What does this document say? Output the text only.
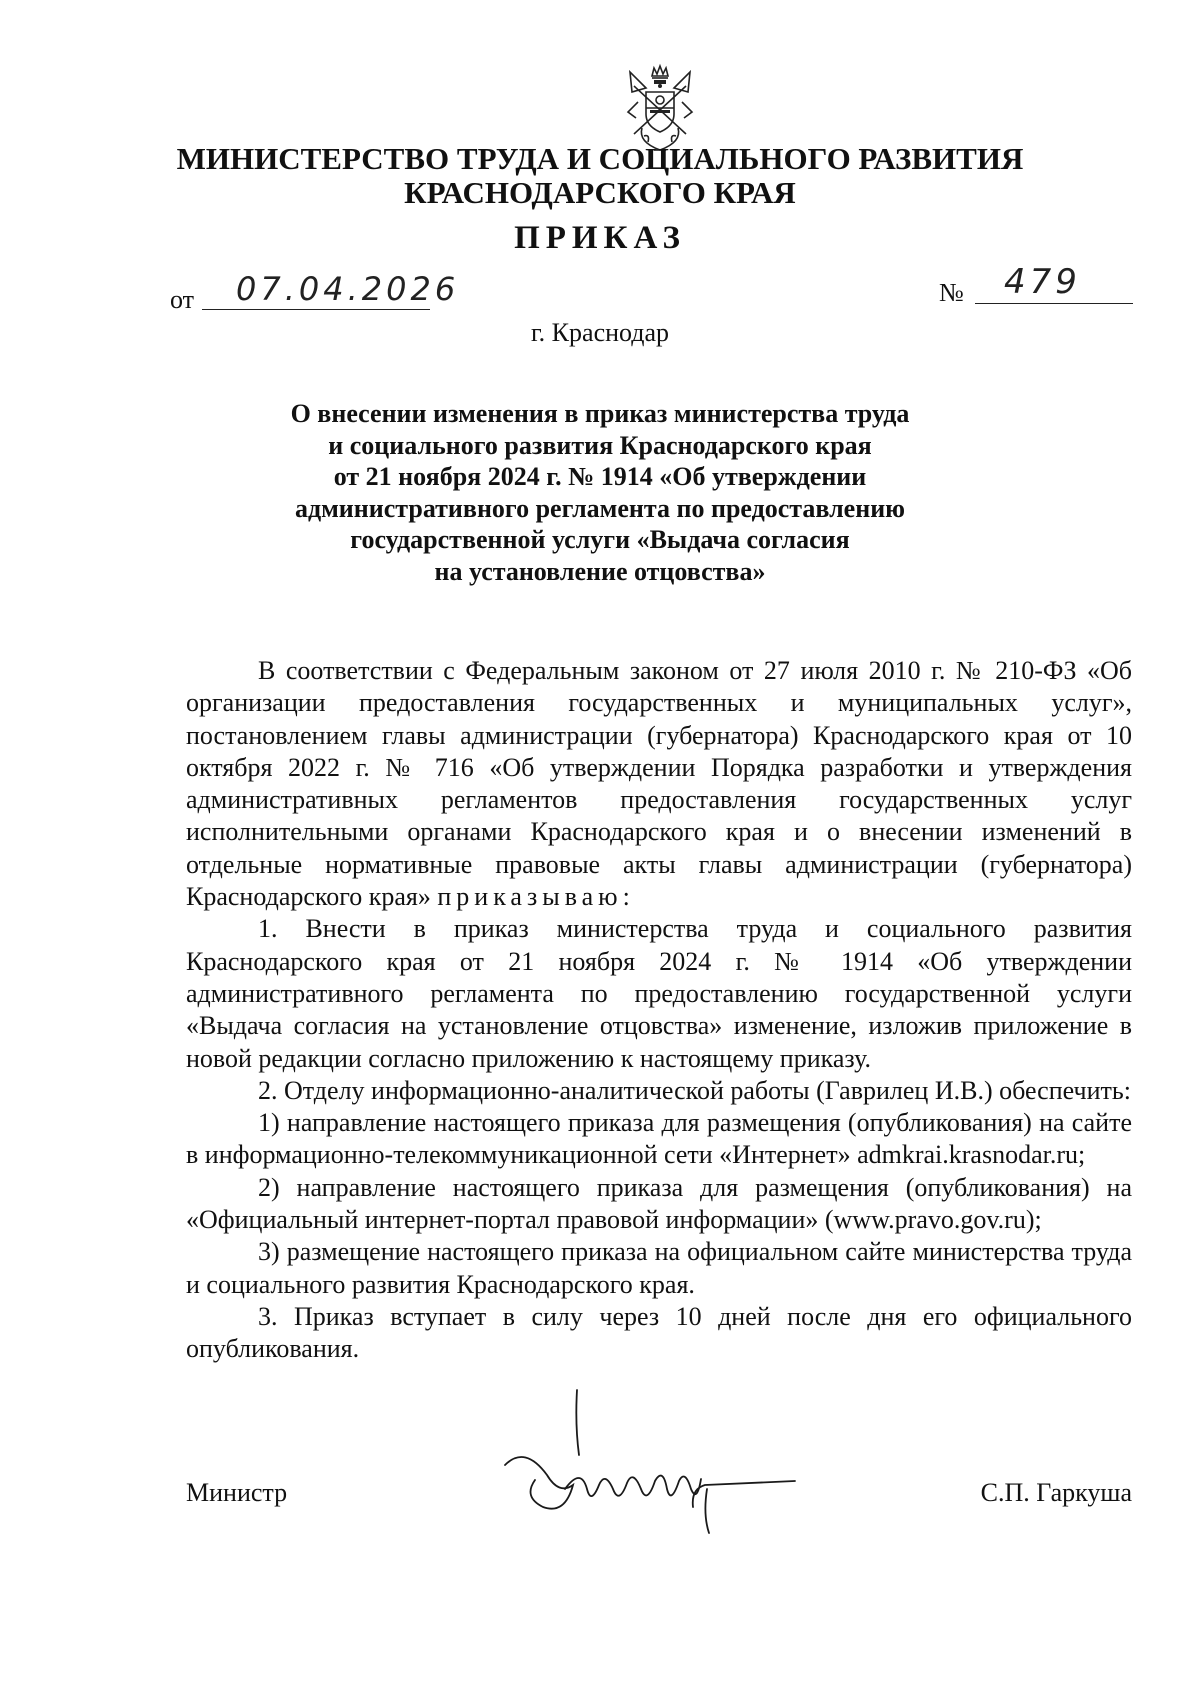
МИНИСТЕРСТВО ТРУДА И СОЦИАЛЬНОГО РАЗВИТИЯ
КРАСНОДАРСКОГО КРАЯ
ПРИКАЗ
от 07.04.2026	№ 479
г. Краснодар
О внесении изменения в приказ министерства труда
и социального развития Краснодарского края
от 21 ноября 2024 г. № 1914 «Об утверждении
административного регламента по предоставлению
государственной услуги «Выдача согласия
на установление отцовства»

В соответствии с Федеральным законом от 27 июля 2010 г. № 210-ФЗ «Об организации предоставления государственных и муниципальных услуг», постановлением главы администрации (губернатора) Краснодарского края от 10 октября 2022 г. № 716 «Об утверждении Порядка разработки и утверждения административных регламентов предоставления государственных услуг исполнительными органами Краснодарского края и о внесении изменений в отдельные нормативные правовые акты главы администрации (губернатора) Краснодарского края» приказываю:

1. Внести в приказ министерства труда и социального развития Краснодарского края от 21 ноября 2024 г. № 1914 «Об утверждении административного регламента по предоставлению государственной услуги «Выдача согласия на установление отцовства» изменение, изложив приложение в новой редакции согласно приложению к настоящему приказу.

2. Отделу информационно-аналитической работы (Гаврилец И.В.) обеспечить:

1) направление настоящего приказа для размещения (опубликования) на сайте в информационно-телекоммуникационной сети «Интернет» admkrai.krasnodar.ru;

2) направление настоящего приказа для размещения (опубликования) на «Официальный интернет-портал правовой информации» (www.pravo.gov.ru);

3) размещение настоящего приказа на официальном сайте министерства труда и социального развития Краснодарского края.

3. Приказ вступает в силу через 10 дней после дня его официального опубликования.

Министр	С.П. Гаркуша
